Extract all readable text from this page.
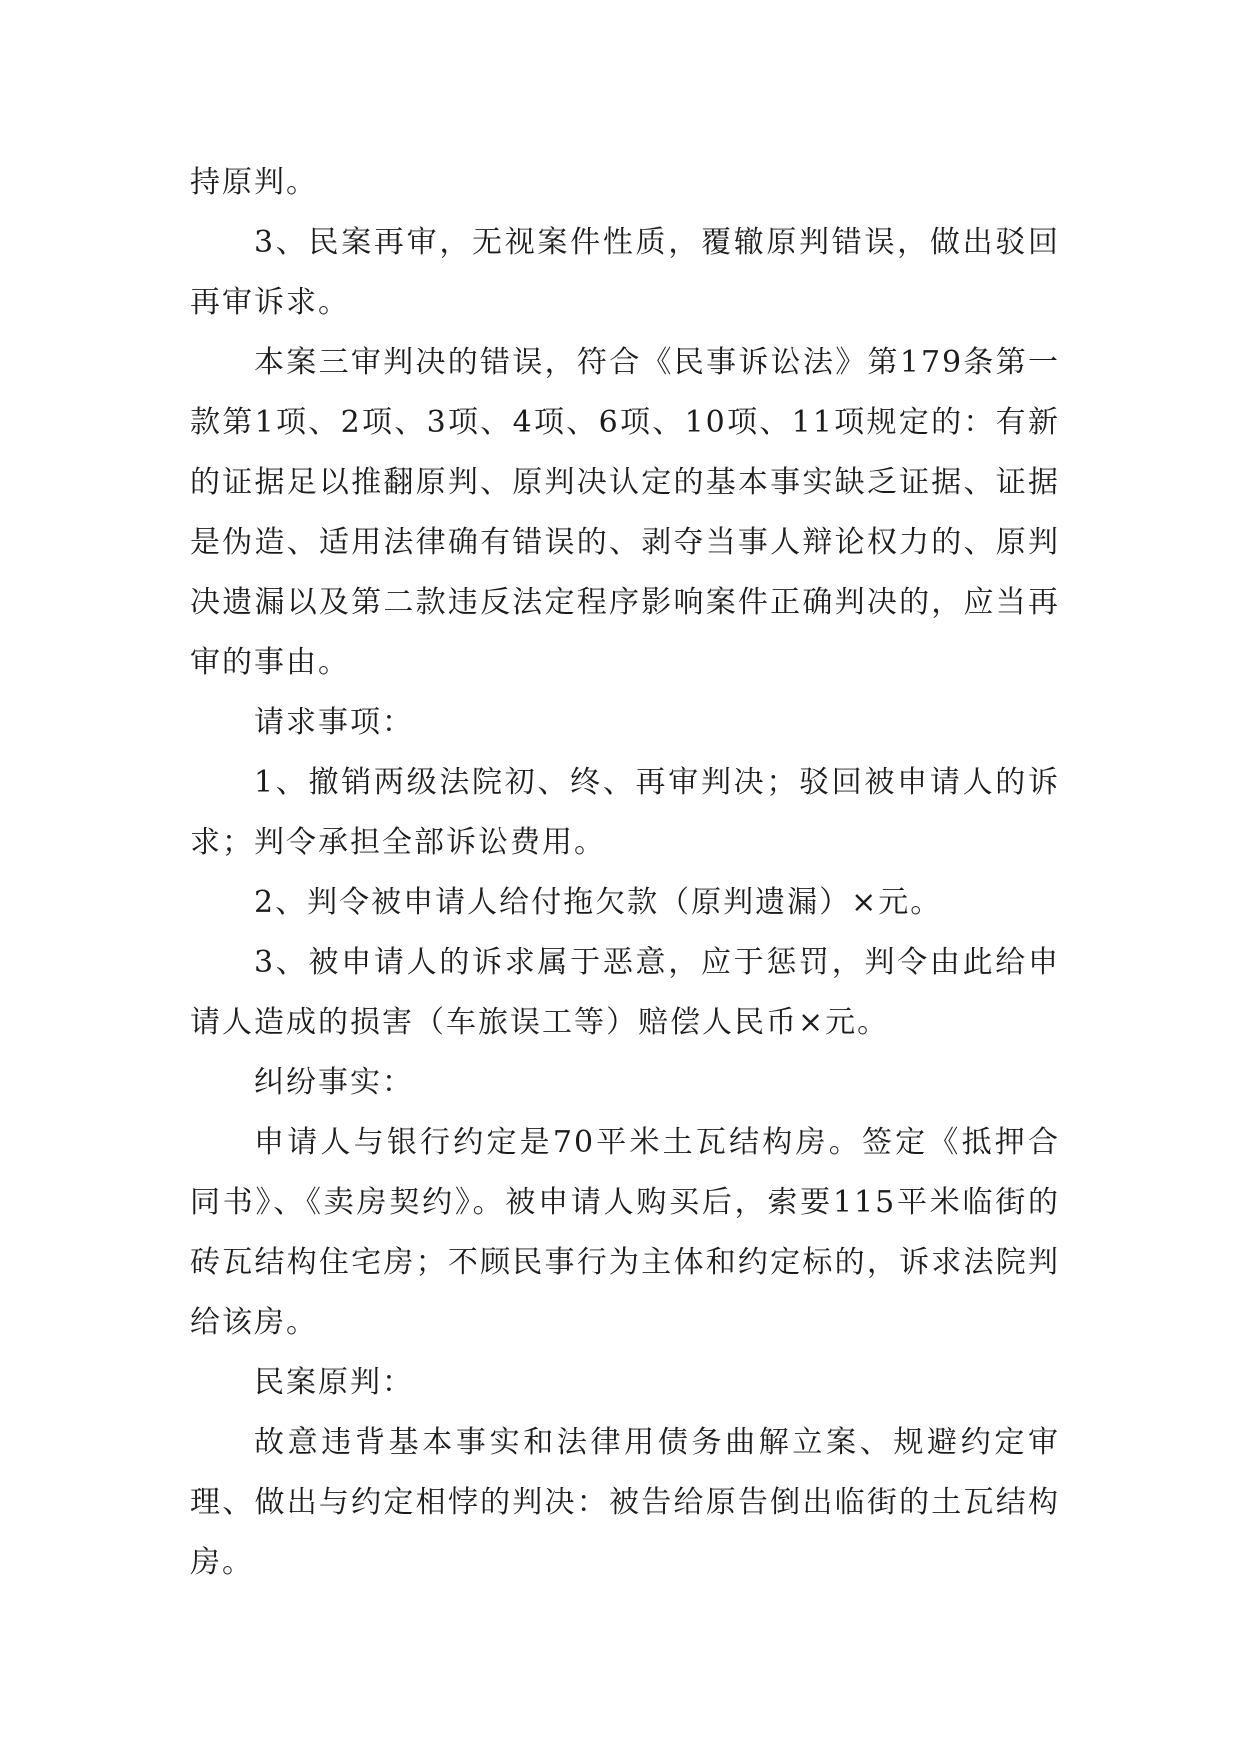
持原判。

3、民案再审，无视案件性质，覆辙原判错误，做出驳回再审诉求。

本案三审判决的错误，符合《民事诉讼法》第179条第一款第1项、2项、3项、4项、6项、10项、11项规定的：有新的证据足以推翻原判、原判决认定的基本事实缺乏证据、证据是伪造、适用法律确有错误的、剥夺当事人辩论权力的、原判决遗漏以及第二款违反法定程序影响案件正确判决的，应当再审的事由。

请求事项：

1、撤销两级法院初、终、再审判决；驳回被申请人的诉求；判令承担全部诉讼费用。

2、判令被申请人给付拖欠款（原判遗漏）×元。

3、被申请人的诉求属于恶意，应于惩罚，判令由此给申请人造成的损害（车旅误工等）赔偿人民币×元。

纠纷事实：

申请人与银行约定是70平米土瓦结构房。签定《抵押合同书》、《卖房契约》。被申请人购买后，索要115平米临街的砖瓦结构住宅房；不顾民事行为主体和约定标的，诉求法院判给该房。

民案原判：

故意违背基本事实和法律用债务曲解立案、规避约定审理、做出与约定相悖的判决：被告给原告倒出临街的土瓦结构房。
